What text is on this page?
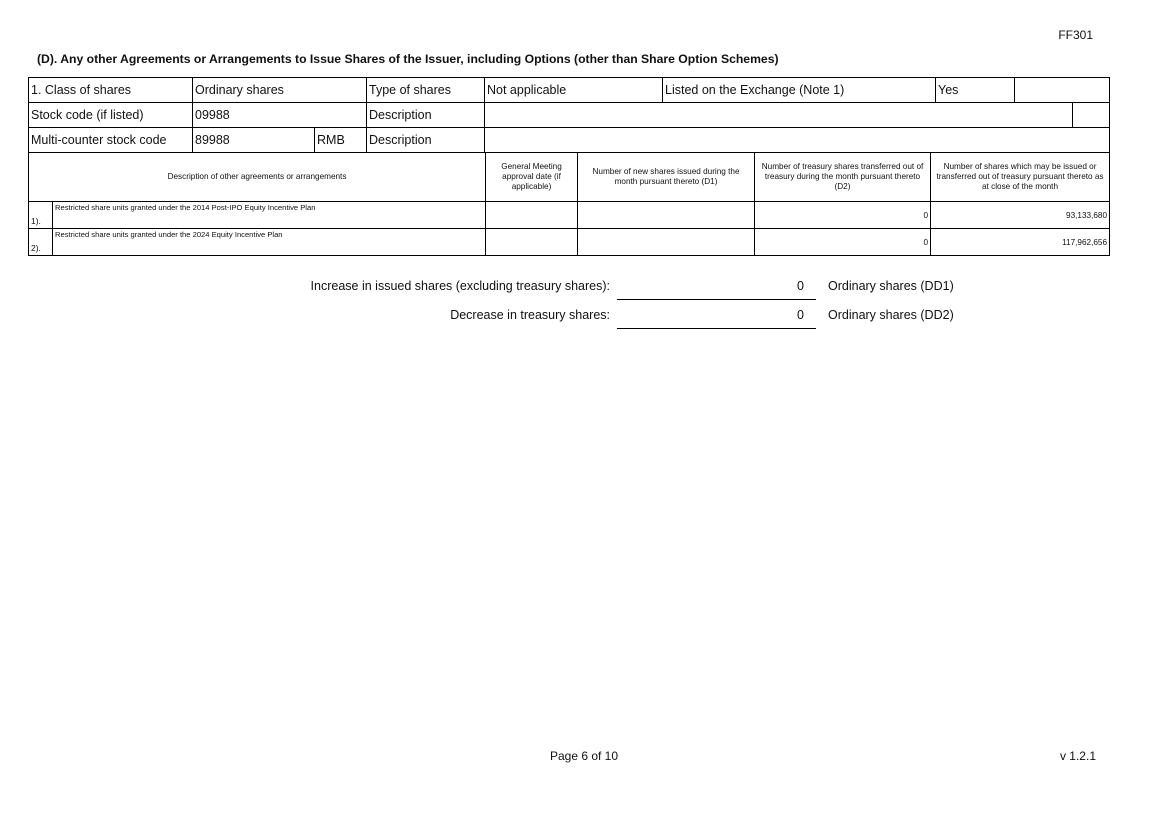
FF301
(D). Any other Agreements or Arrangements to Issue Shares of the Issuer, including Options (other than Share Option Schemes)
1. Class of shares	Ordinary shares		Type of shares	Not applicable	Listed on the Exchange (Note 1)	Yes		
Stock code (if listed)	09988		Description					
Multi-counter stock code	89988	RMB	Description					
Description of other agreements or arrangements		General Meeting approval date (if applicable)	Number of new shares issued during the month pursuant thereto (D1)	Number of treasury shares transferred out of treasury during the month pursuant thereto (D2)	Number of shares which may be issued or transferred out of treasury pursuant thereto as at close of the month
1).	Restricted share units granted under the 2014 Post-IPO Equity Incentive Plan			0	93,133,680
2).	Restricted share units granted under the 2024 Equity Incentive Plan			0	117,962,656
Increase in issued shares (excluding treasury shares):	0 Ordinary shares (DD1)
Decrease in treasury shares:	0 Ordinary shares (DD2)
Page 6 of 10	v 1.2.1
